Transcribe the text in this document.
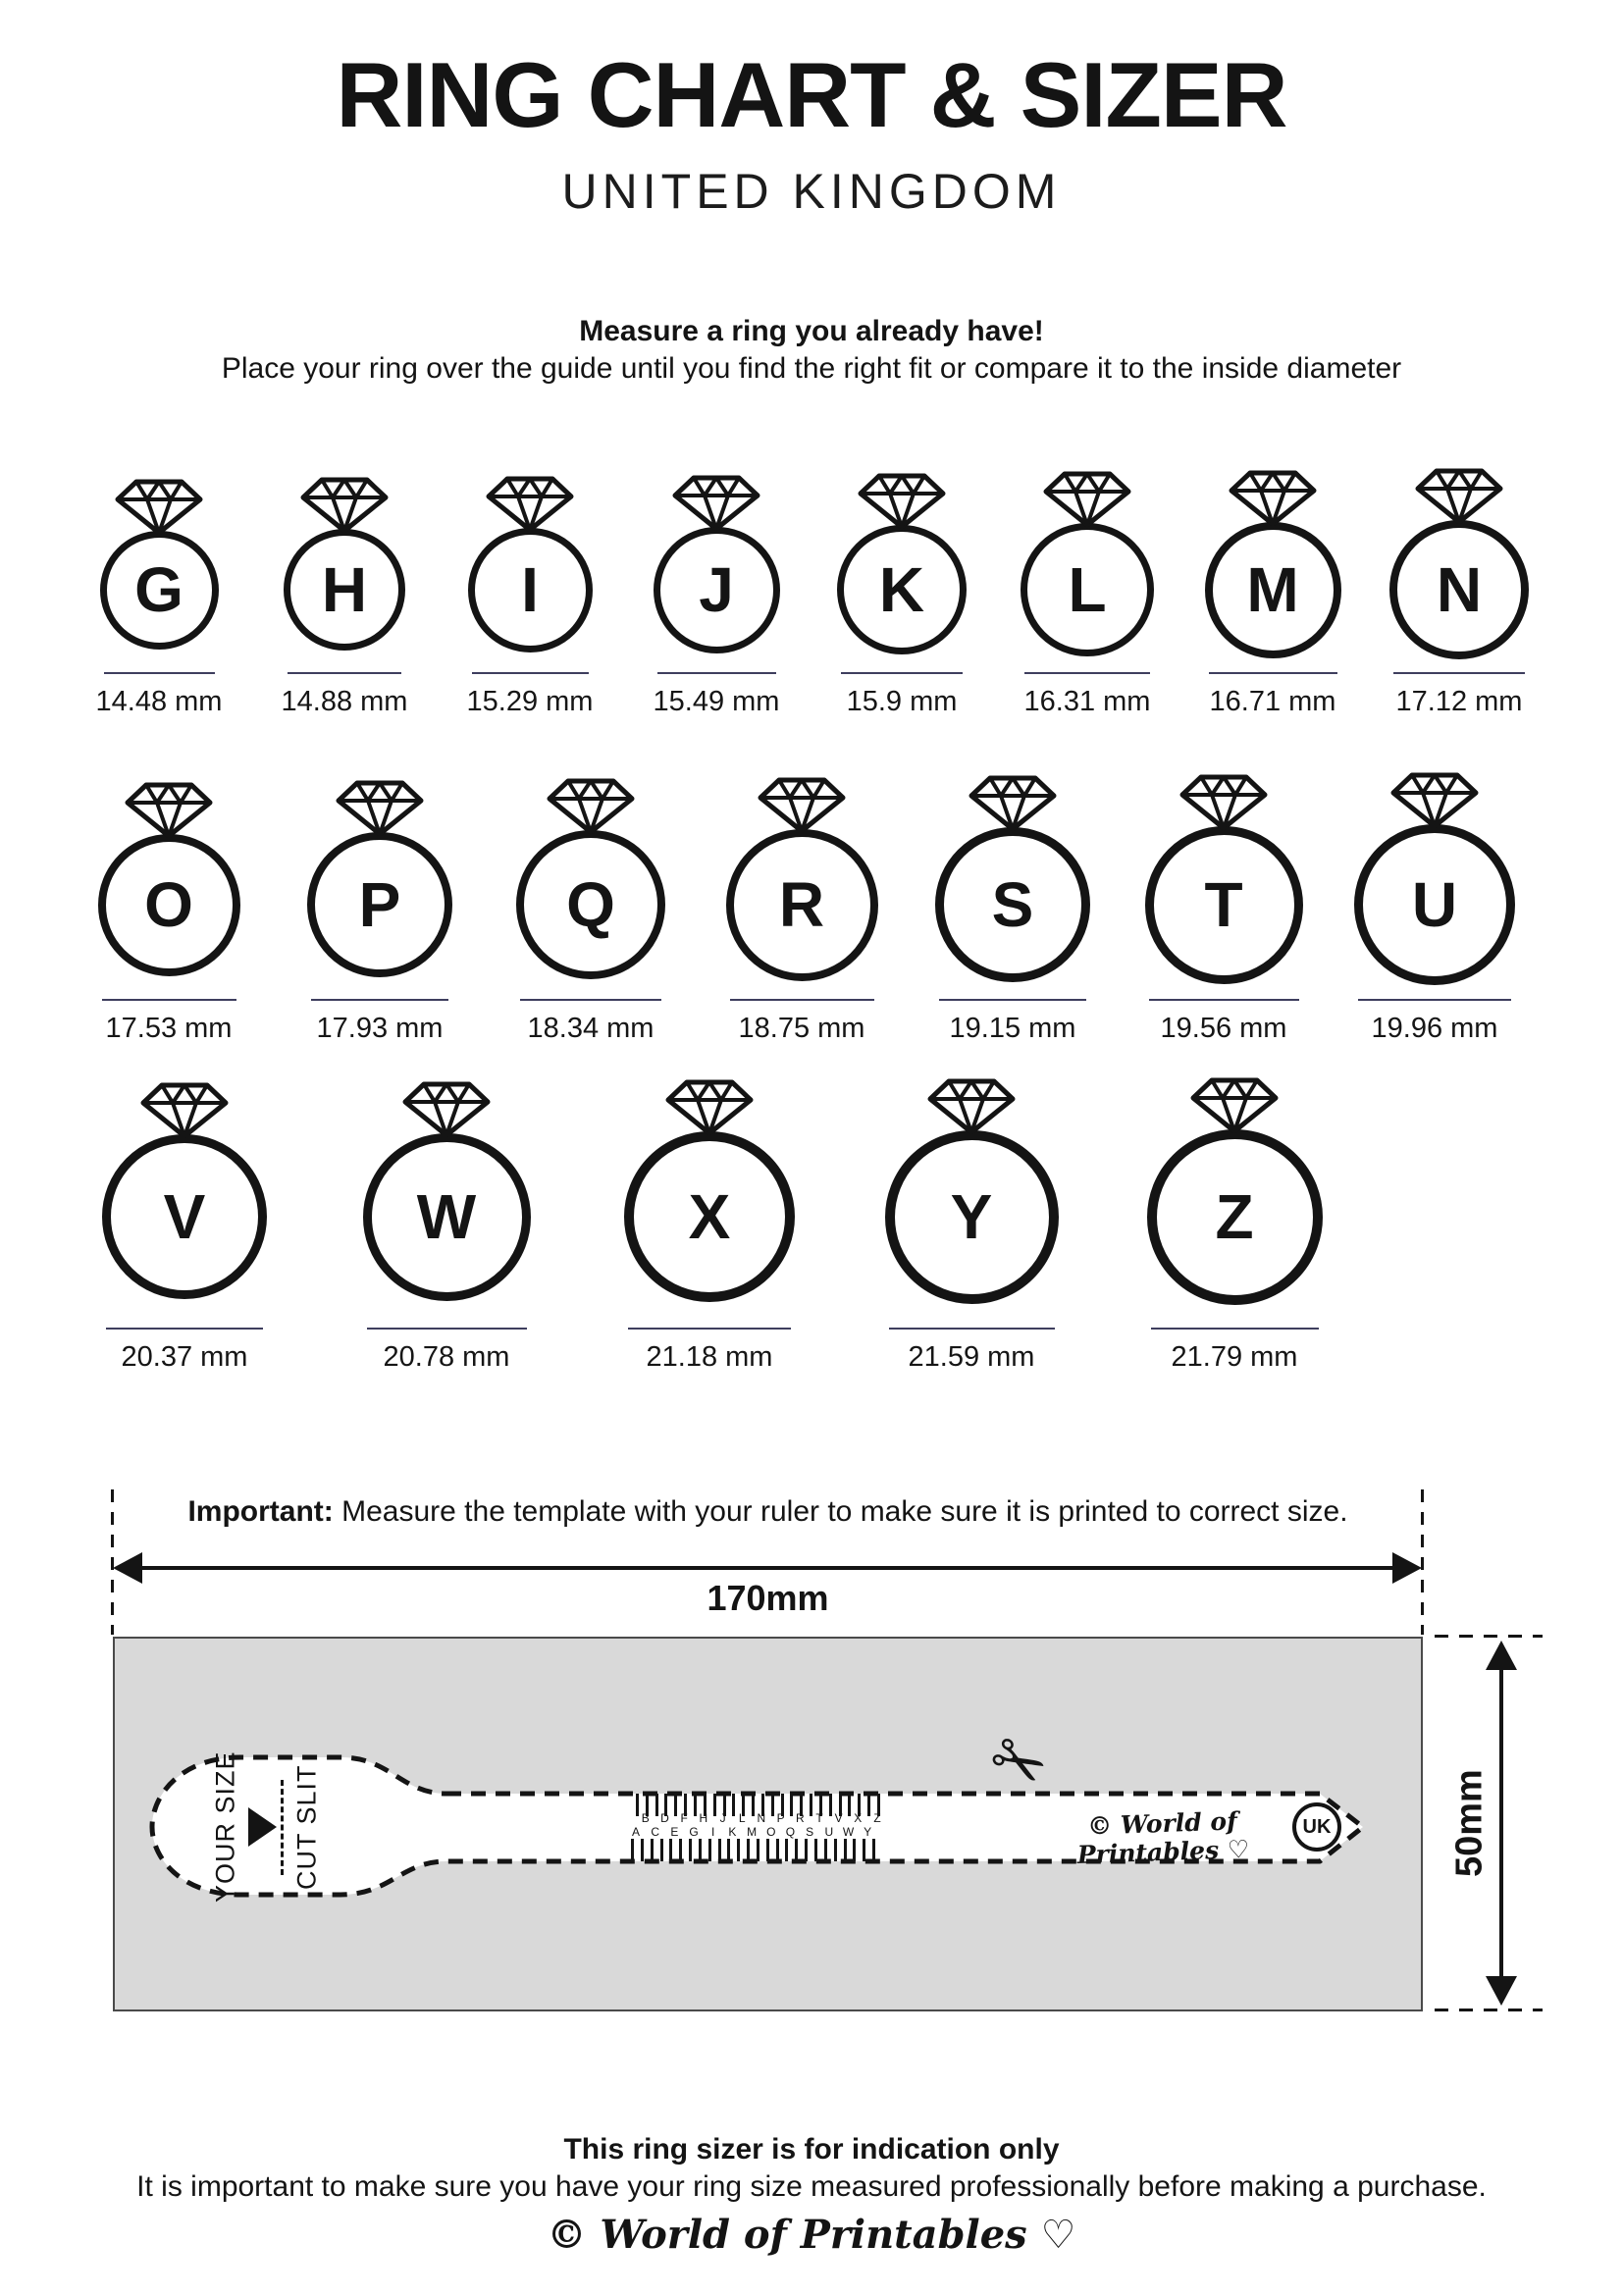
RING CHART & SIZER
UNITED KINGDOM
Measure a ring you already have!
Place your ring over the guide until you find the right fit or compare it to the inside diameter
G
14.48 mm
H
14.88 mm
I
15.29 mm
J
15.49 mm
K
15.9 mm
L
16.31 mm
M
16.71 mm
N
17.12 mm
O
17.53 mm
P
17.93 mm
Q
18.34 mm
R
18.75 mm
S
19.15 mm
T
19.56 mm
U
19.96 mm
V
20.37 mm
W
20.78 mm
X
21.18 mm
Y
21.59 mm
Z
21.79 mm
Important: Measure the template with your ruler to make sure it is printed to correct size.
170mm
YOUR SIZE CUT SLIT	A
B
C
D
E
F
G
H
I
J
K
L
M
N
O
P
Q
R
S
T
U
V
W
X
Y
Z
✂
© World of Printables ♡
UK	50mm
This ring sizer is for indication only
It is important to make sure you have your ring size measured professionally before making a purchase.
© World of Printables ♡
